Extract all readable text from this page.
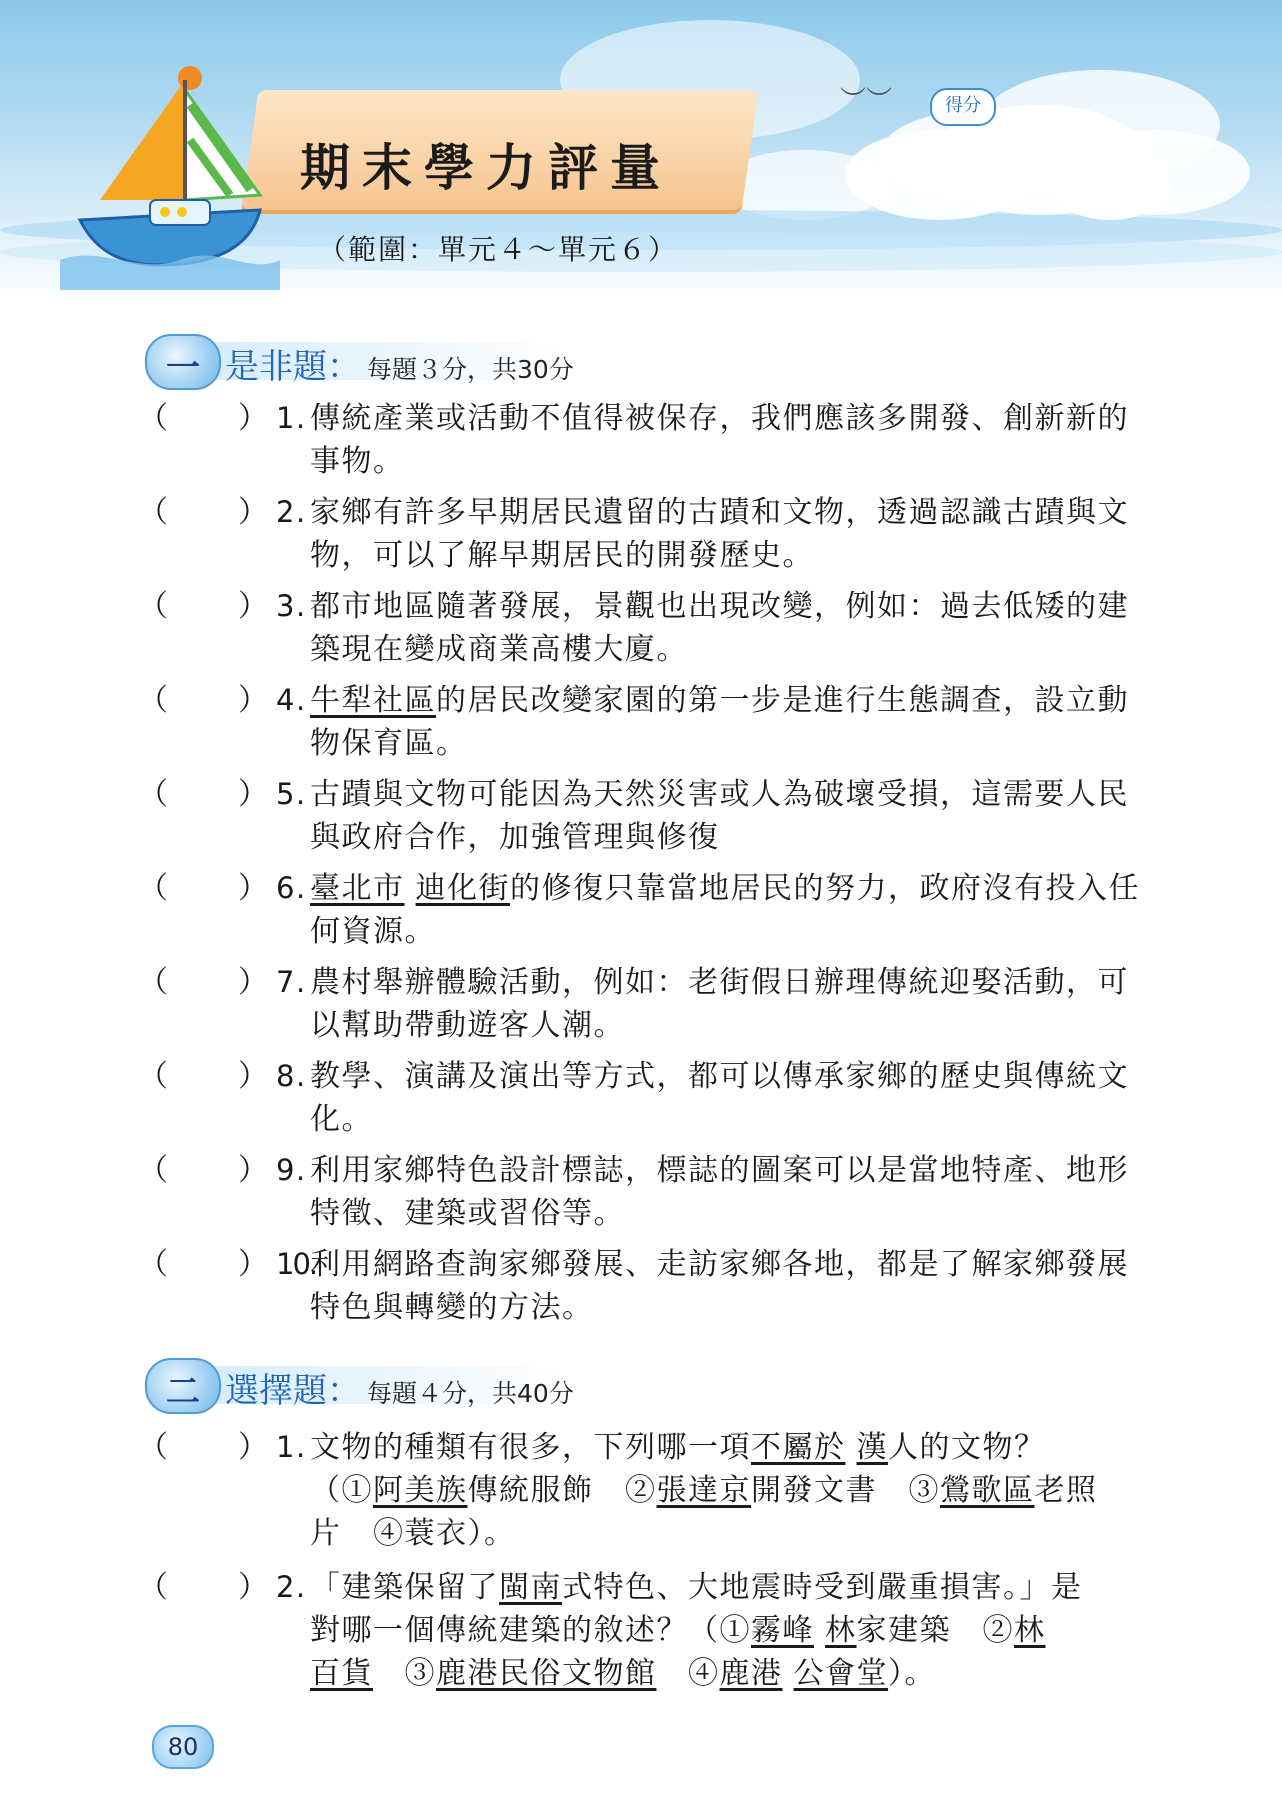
期末學力評量
（範圍：單元４～單元６）
︶︶	得分
一 是非題： 每題３分，共30分
（ ） 1. 傳統產業或活動不值得被保存，我們應該多開發、創新新的事物。
（ ） 2. 家鄉有許多早期居民遺留的古蹟和文物，透過認識古蹟與文物，可以了解早期居民的開發歷史。
（ ） 3. 都市地區隨著發展，景觀也出現改變，例如：過去低矮的建築現在變成商業高樓大廈。
（ ） 4. 牛犁社區的居民改變家園的第一步是進行生態調查，設立動物保育區。
（ ） 5. 古蹟與文物可能因為天然災害或人為破壞受損，這需要人民與政府合作，加強管理與修復
（ ） 6. 臺北市 迪化街的修復只靠當地居民的努力，政府沒有投入任何資源。
（ ） 7. 農村舉辦體驗活動，例如：老街假日辦理傳統迎娶活動，可以幫助帶動遊客人潮。
（ ） 8. 教學、演講及演出等方式，都可以傳承家鄉的歷史與傳統文化。
（ ） 9. 利用家鄉特色設計標誌，標誌的圖案可以是當地特產、地形特徵、建築或習俗等。
（ ） 10.
利用網路查詢家鄉發展、走訪家鄉各地，都是了解家鄉發展特色與轉變的方法。
二 選擇題： 每題４分，共40分
（ ） 1. 文物的種類有很多，下列哪一項不屬於 漢人的文物？
（①阿美族傳統服飾　②張達京開發文書　③鶯歌區老照
片　④蓑衣）。
（ ） 2. 「建築保留了閩南式特色、大地震時受到嚴重損害。」是
對哪一個傳統建築的敘述？（①霧峰 林家建築　②林
百貨　③鹿港民俗文物館　④鹿港 公會堂）。
80
